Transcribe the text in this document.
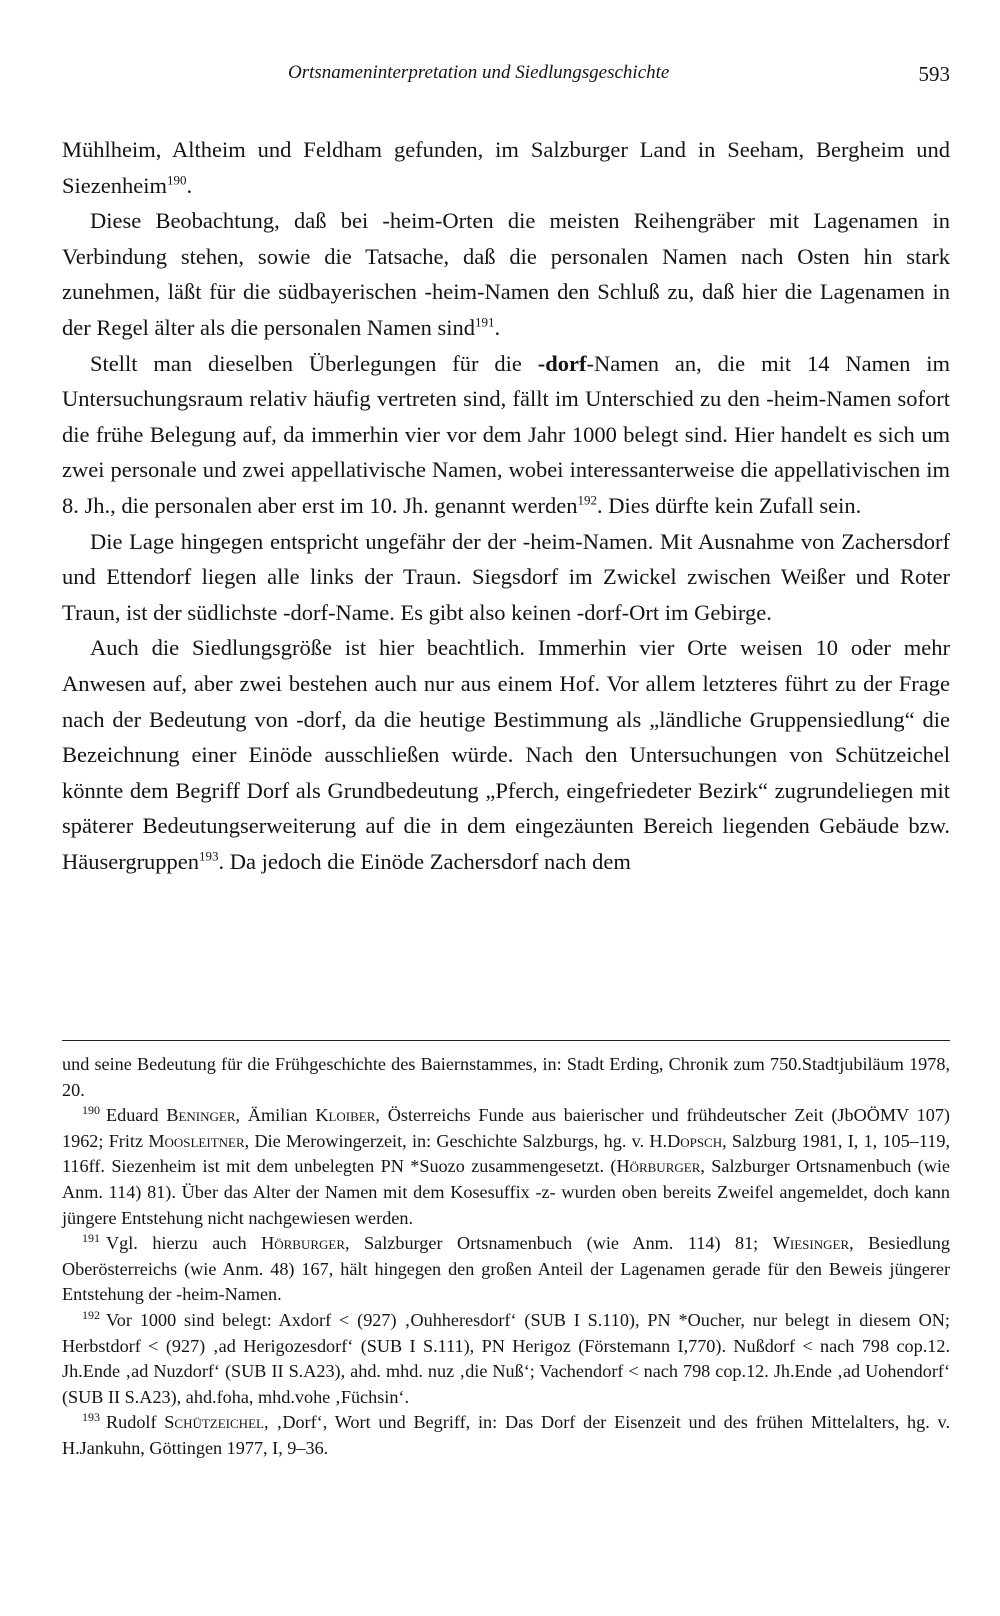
Ortsnameninterpretation und Siedlungsgeschichte	593

Mühlheim, Altheim und Feldham gefunden, im Salzburger Land in Seeham, Bergheim und Siezenheim$^{190}$.

Diese Beobachtung, daß bei -heim-Orten die meisten Reihengräber mit Lagenamen in Verbindung stehen, sowie die Tatsache, daß die personalen Namen nach Osten hin stark zunehmen, läßt für die südbayerischen -heim-Namen den Schluß zu, daß hier die Lagenamen in der Regel älter als die personalen Namen sind$^{191}$.

Stellt man dieselben Überlegungen für die -dorf-Namen an, die mit 14 Namen im Untersuchungsraum relativ häufig vertreten sind, fällt im Unterschied zu den -heim-Namen sofort die frühe Belegung auf, da immerhin vier vor dem Jahr 1000 belegt sind. Hier handelt es sich um zwei personale und zwei appellativische Namen, wobei interessanterweise die appellativischen im 8. Jh., die personalen aber erst im 10. Jh. genannt werden$^{192}$. Dies dürfte kein Zufall sein.

Die Lage hingegen entspricht ungefähr der der -heim-Namen. Mit Ausnahme von Zachersdorf und Ettendorf liegen alle links der Traun. Siegsdorf im Zwickel zwischen Weißer und Roter Traun, ist der südlichste -dorf-Name. Es gibt also keinen -dorf-Ort im Gebirge.

Auch die Siedlungsgröße ist hier beachtlich. Immerhin vier Orte weisen 10 oder mehr Anwesen auf, aber zwei bestehen auch nur aus einem Hof. Vor allem letzteres führt zu der Frage nach der Bedeutung von -dorf, da die heutige Bestimmung als „ländliche Gruppensiedlung“ die Bezeichnung einer Einöde ausschließen würde. Nach den Untersuchungen von Schützeichel könnte dem Begriff Dorf als Grundbedeutung „Pferch, eingefriedeter Bezirk“ zugrundeliegen mit späterer Bedeutungserweiterung auf die in dem eingezäunten Bereich liegenden Gebäude bzw. Häusergruppen$^{193}$. Da jedoch die Einöde Zachersdorf nach dem

und seine Bedeutung für die Frühgeschichte des Baiernstammes, in: Stadt Erding, Chronik zum 750.Stadtjubiläum 1978, 20.

$^{190}$ Eduard Beninger, Ämilian Kloiber, Österreichs Funde aus baierischer und frühdeutscher Zeit (JbOÖMV 107) 1962; Fritz Moosleitner, Die Merowingerzeit, in: Geschichte Salzburgs, hg. v. H.Dopsch, Salzburg 1981, I, 1, 105–119, 116ff. Siezenheim ist mit dem unbelegten PN *Suozo zusammengesetzt. (Hörburger, Salzburger Ortsnamenbuch (wie Anm. 114) 81). Über das Alter der Namen mit dem Kosesuffix -z- wurden oben bereits Zweifel angemeldet, doch kann jüngere Entstehung nicht nachgewiesen werden.

$^{191}$ Vgl. hierzu auch Hörburger, Salzburger Ortsnamenbuch (wie Anm. 114) 81; Wiesinger, Besiedlung Oberösterreichs (wie Anm. 48) 167, hält hingegen den großen Anteil der Lagenamen gerade für den Beweis jüngerer Entstehung der -heim-Namen.

$^{192}$ Vor 1000 sind belegt: Axdorf < (927) ‚Ouhheresdorf‘ (SUB I S.110), PN *Oucher, nur belegt in diesem ON; Herbstdorf < (927) ‚ad Herigozesdorf‘ (SUB I S.111), PN Herigoz (Förstemann I,770). Nußdorf < nach 798 cop.12. Jh.Ende ‚ad Nuzdorf‘ (SUB II S.A23), ahd. mhd. nuz ‚die Nuß‘; Vachendorf < nach 798 cop.12. Jh.Ende ‚ad Uohendorf‘ (SUB II S.A23), ahd.foha, mhd.vohe ‚Füchsin‘.

$^{193}$ Rudolf Schützeichel, ‚Dorf‘, Wort und Begriff, in: Das Dorf der Eisenzeit und des frühen Mittelalters, hg. v. H.Jankuhn, Göttingen 1977, I, 9–36.
